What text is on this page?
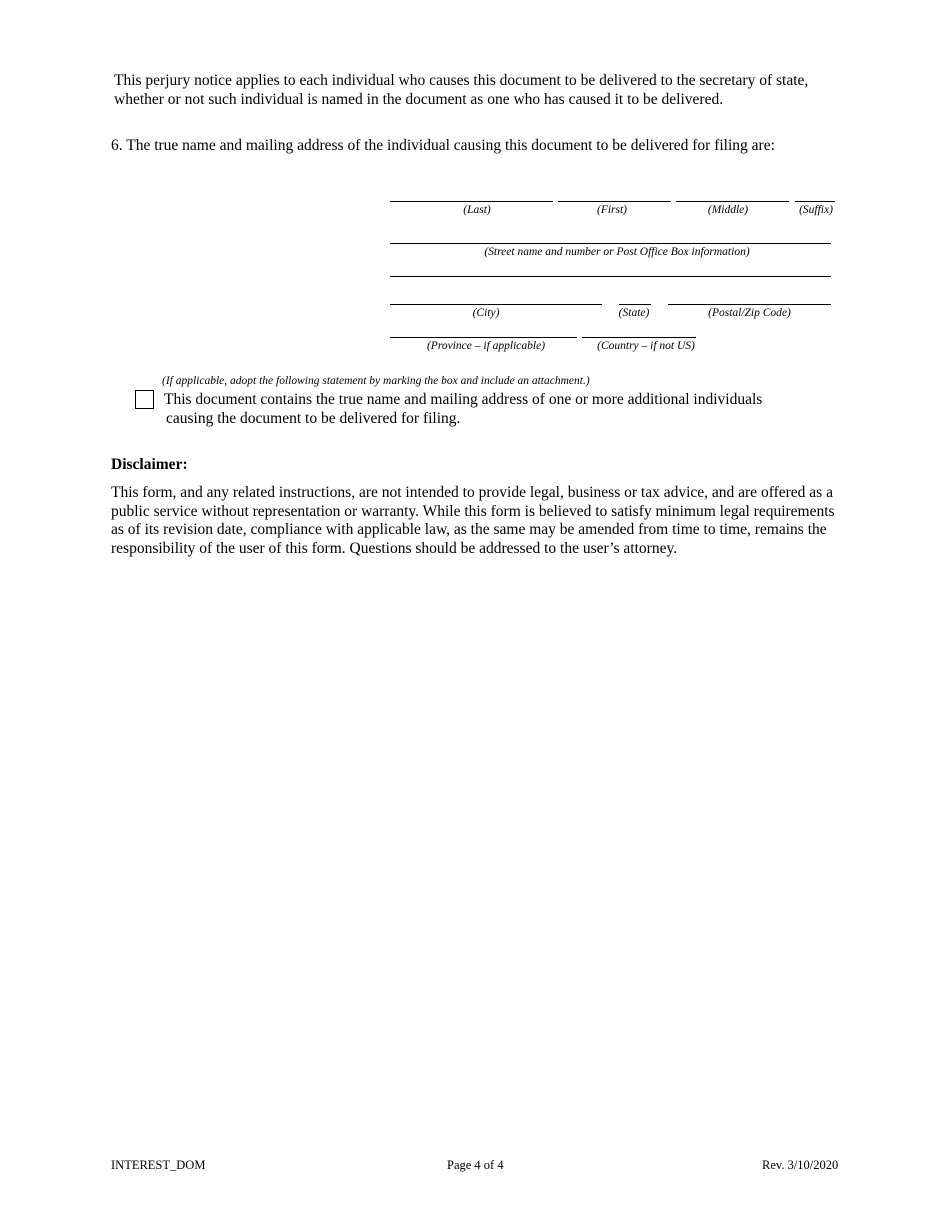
This perjury notice applies to each individual who causes this document to be delivered to the secretary of state, whether or not such individual is named in the document as one who has caused it to be delivered.
6. The true name and mailing address of the individual causing this document to be delivered for filing are:
(Last)	(First)	(Middle)	(Suffix)
(Street name and number or Post Office Box information)
(City)	(State)	(Postal/Zip Code)
(Province – if applicable)	(Country – if not US)
(If applicable, adopt the following statement by marking the box and include an attachment.)
This document contains the true name and mailing address of one or more additional individuals
causing the document to be delivered for filing.
Disclaimer:
This form, and any related instructions, are not intended to provide legal, business or tax advice, and are offered as a public service without representation or warranty. While this form is believed to satisfy minimum legal requirements as of its revision date, compliance with applicable law, as the same may be amended from time to time, remains the responsibility of the user of this form. Questions should be addressed to the user’s attorney.
INTEREST_DOM	Page 4 of 4	Rev. 3/10/2020
